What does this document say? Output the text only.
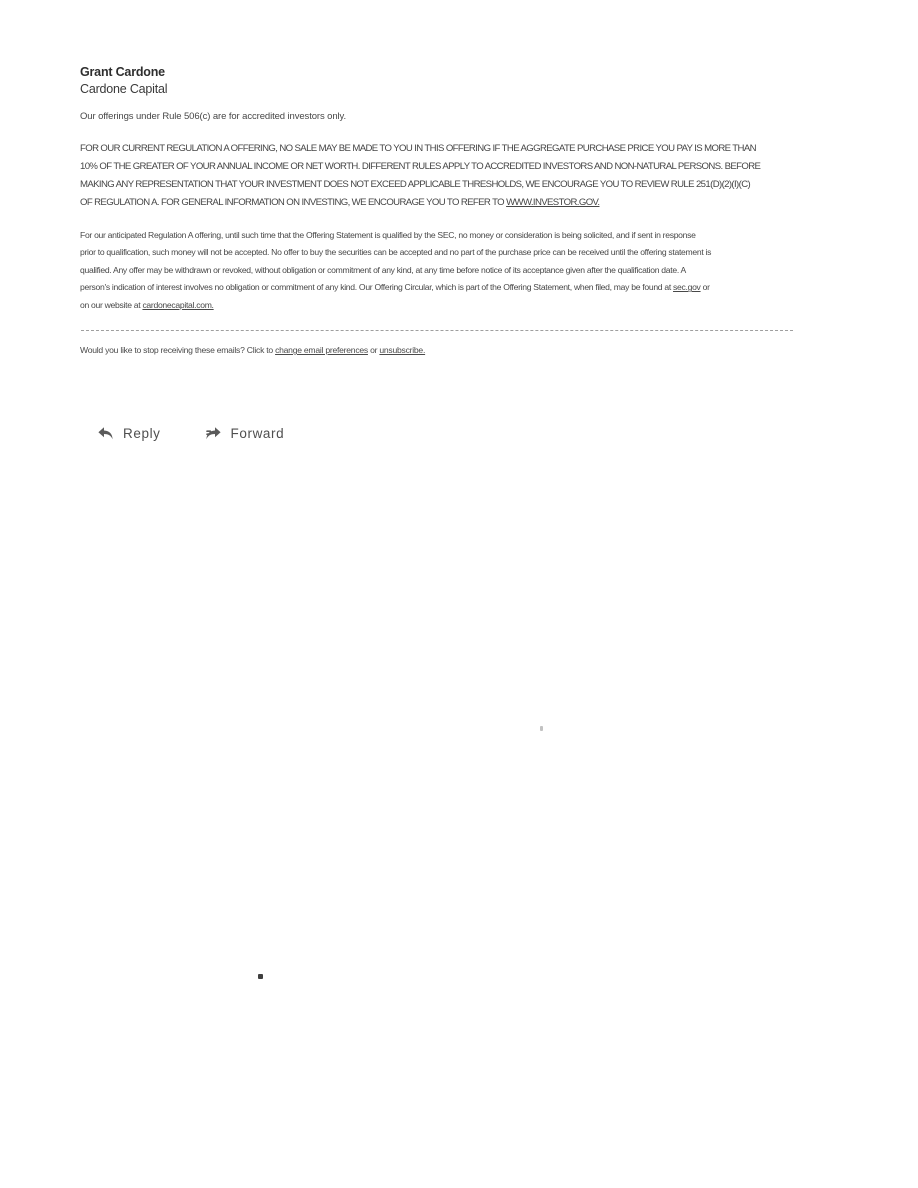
Grant Cardone
Cardone Capital
Our offerings under Rule 506(c) are for accredited investors only.
FOR OUR CURRENT REGULATION A OFFERING, NO SALE MAY BE MADE TO YOU IN THIS OFFERING IF THE AGGREGATE PURCHASE PRICE YOU PAY IS MORE THAN
10% OF THE GREATER OF YOUR ANNUAL INCOME OR NET WORTH. DIFFERENT RULES APPLY TO ACCREDITED INVESTORS AND NON-NATURAL PERSONS. BEFORE
MAKING ANY REPRESENTATION THAT YOUR INVESTMENT DOES NOT EXCEED APPLICABLE THRESHOLDS, WE ENCOURAGE YOU TO REVIEW RULE 251(D)(2)(I)(C)
OF REGULATION A. FOR GENERAL INFORMATION ON INVESTING, WE ENCOURAGE YOU TO REFER TO WWW.INVESTOR.GOV.
For our anticipated Regulation A offering, until such time that the Offering Statement is qualified by the SEC, no money or consideration is being solicited, and if sent in response
prior to qualification, such money will not be accepted. No offer to buy the securities can be accepted and no part of the purchase price can be received until the offering statement is
qualified. Any offer may be withdrawn or revoked, without obligation or commitment of any kind, at any time before notice of its acceptance given after the qualification date. A
person's indication of interest involves no obligation or commitment of any kind. Our Offering Circular, which is part of the Offering Statement, when filed, may be found at sec.gov or
on our website at cardonecapital.com.
Would you like to stop receiving these emails? Click to change email preferences or unsubscribe.
Reply	Forward
